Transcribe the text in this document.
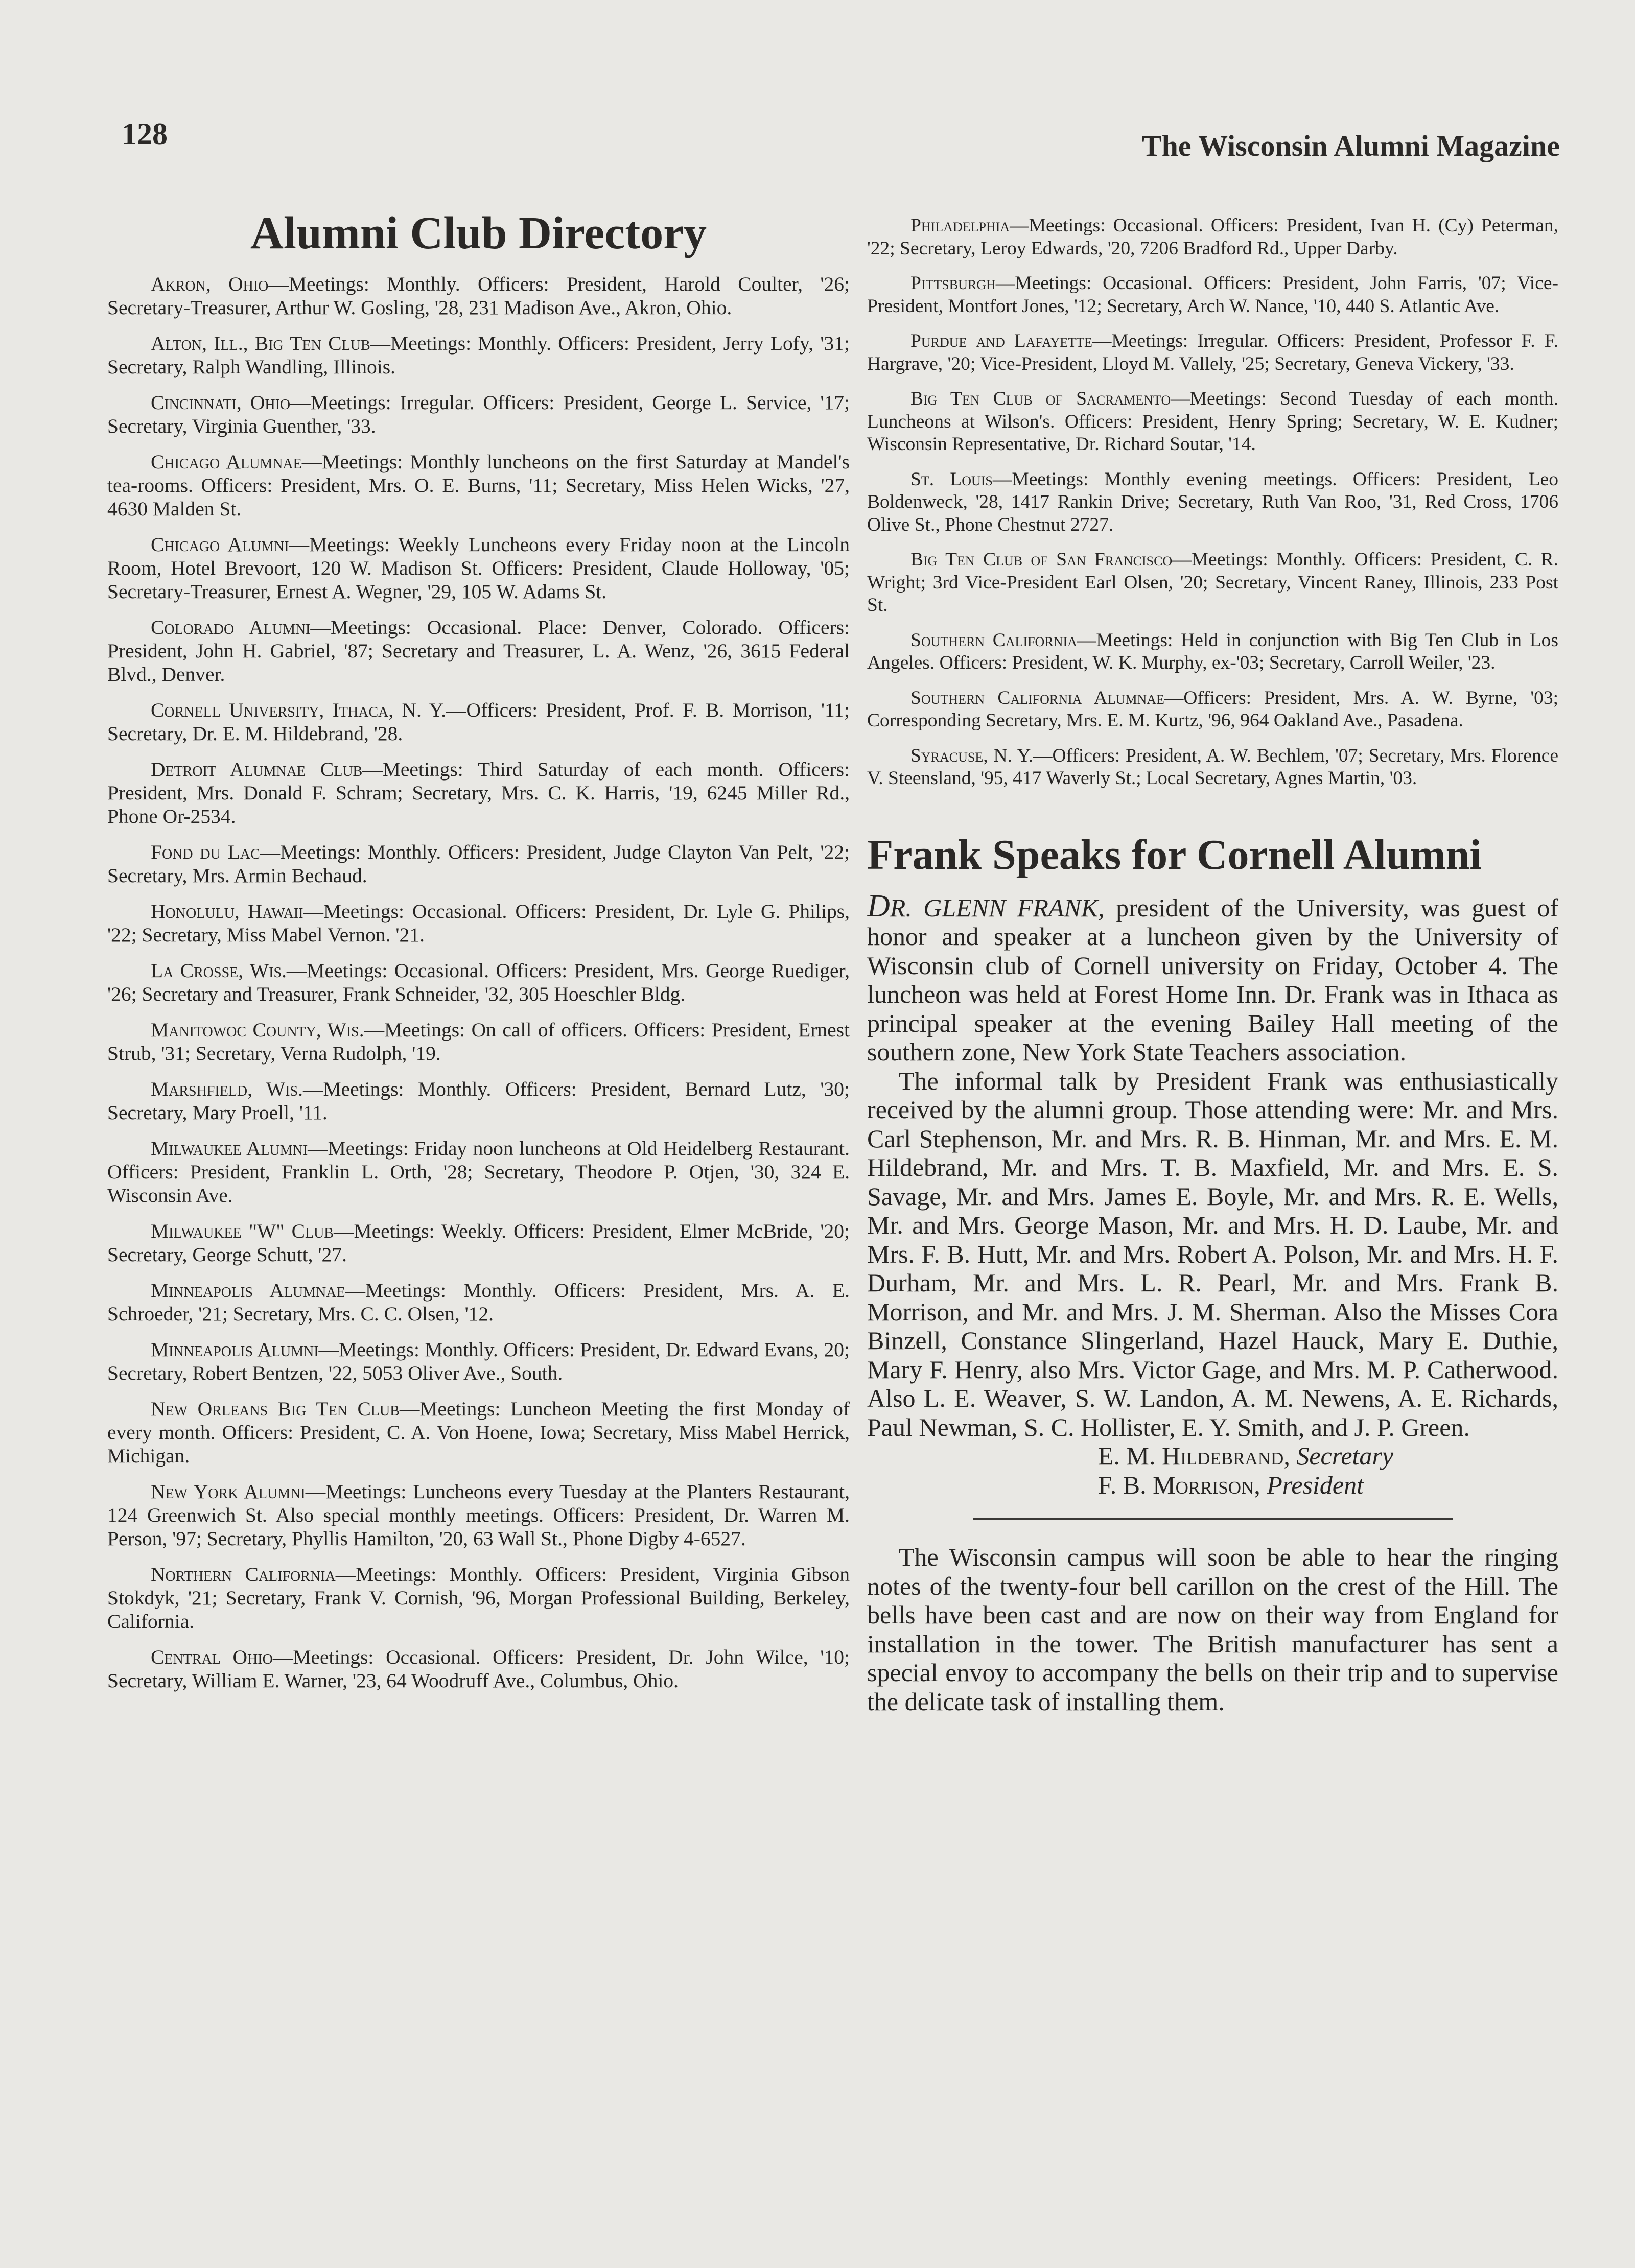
128	The Wisconsin Alumni Magazine
Alumni Club Directory

Akron, Ohio—Meetings: Monthly. Officers: President, Harold Coulter, '26; Secretary-Treasurer, Arthur W. Gosling, '28, 231 Madison Ave., Akron, Ohio.

Alton, Ill., Big Ten Club—Meetings: Monthly. Officers: President, Jerry Lofy, '31; Secretary, Ralph Wandling, Illinois.

Cincinnati, Ohio—Meetings: Irregular. Officers: President, George L. Service, '17; Secretary, Virginia Guenther, '33.

Chicago Alumnae—Meetings: Monthly luncheons on the first Saturday at Mandel's tea-rooms. Officers: President, Mrs. O. E. Burns, '11; Secretary, Miss Helen Wicks, '27, 4630 Malden St.

Chicago Alumni—Meetings: Weekly Luncheons every Friday noon at the Lincoln Room, Hotel Brevoort, 120 W. Madison St. Officers: President, Claude Holloway, '05; Secretary-Treasurer, Ernest A. Wegner, '29, 105 W. Adams St.

Colorado Alumni—Meetings: Occasional. Place: Denver, Colorado. Officers: President, John H. Gabriel, '87; Secretary and Treasurer, L. A. Wenz, '26, 3615 Federal Blvd., Denver.

Cornell University, Ithaca, N. Y.—Officers: President, Prof. F. B. Morrison, '11; Secretary, Dr. E. M. Hildebrand, '28.

Detroit Alumnae Club—Meetings: Third Saturday of each month. Officers: President, Mrs. Donald F. Schram; Secretary, Mrs. C. K. Harris, '19, 6245 Miller Rd., Phone Or-2534.

Fond du Lac—Meetings: Monthly. Officers: President, Judge Clayton Van Pelt, '22; Secretary, Mrs. Armin Bechaud.

Honolulu, Hawaii—Meetings: Occasional. Officers: President, Dr. Lyle G. Philips, '22; Secretary, Miss Mabel Vernon. '21.

La Crosse, Wis.—Meetings: Occasional. Officers: President, Mrs. George Ruediger, '26; Secretary and Treasurer, Frank Schneider, '32, 305 Hoeschler Bldg.

Manitowoc County, Wis.—Meetings: On call of officers. Officers: President, Ernest Strub, '31; Secretary, Verna Rudolph, '19.

Marshfield, Wis.—Meetings: Monthly. Officers: President, Bernard Lutz, '30; Secretary, Mary Proell, '11.

Milwaukee Alumni—Meetings: Friday noon luncheons at Old Heidelberg Restaurant. Officers: President, Franklin L. Orth, '28; Secretary, Theodore P. Otjen, '30, 324 E. Wisconsin Ave.

Milwaukee "W" Club—Meetings: Weekly. Officers: President, Elmer McBride, '20; Secretary, George Schutt, '27.

Minneapolis Alumnae—Meetings: Monthly. Officers: President, Mrs. A. E. Schroeder, '21; Secretary, Mrs. C. C. Olsen, '12.

Minneapolis Alumni—Meetings: Monthly. Officers: President, Dr. Edward Evans, 20; Secretary, Robert Bentzen, '22, 5053 Oliver Ave., South.

New Orleans Big Ten Club—Meetings: Luncheon Meeting the first Monday of every month. Officers: President, C. A. Von Hoene, Iowa; Secretary, Miss Mabel Herrick, Michigan.

New York Alumni—Meetings: Luncheons every Tuesday at the Planters Restaurant, 124 Greenwich St. Also special monthly meetings. Officers: President, Dr. Warren M. Person, '97; Secretary, Phyllis Hamilton, '20, 63 Wall St., Phone Digby 4-6527.

Northern California—Meetings: Monthly. Officers: President, Virginia Gibson Stokdyk, '21; Secretary, Frank V. Cornish, '96, Morgan Professional Building, Berkeley, California.

Central Ohio—Meetings: Occasional. Officers: President, Dr. John Wilce, '10; Secretary, William E. Warner, '23, 64 Woodruff Ave., Columbus, Ohio.

Philadelphia—Meetings: Occasional. Officers: President, Ivan H. (Cy) Peterman, '22; Secretary, Leroy Edwards, '20, 7206 Bradford Rd., Upper Darby.

Pittsburgh—Meetings: Occasional. Officers: President, John Farris, '07; Vice-President, Montfort Jones, '12; Secretary, Arch W. Nance, '10, 440 S. Atlantic Ave.

Purdue and Lafayette—Meetings: Irregular. Officers: President, Professor F. F. Hargrave, '20; Vice-President, Lloyd M. Vallely, '25; Secretary, Geneva Vickery, '33.

Big Ten Club of Sacramento—Meetings: Second Tuesday of each month. Luncheons at Wilson's. Officers: President, Henry Spring; Secretary, W. E. Kudner; Wisconsin Representative, Dr. Richard Soutar, '14.

St. Louis—Meetings: Monthly evening meetings. Officers: President, Leo Boldenweck, '28, 1417 Rankin Drive; Secretary, Ruth Van Roo, '31, Red Cross, 1706 Olive St., Phone Chestnut 2727.

Big Ten Club of San Francisco—Meetings: Monthly. Officers: President, C. R. Wright; 3rd Vice-President Earl Olsen, '20; Secretary, Vincent Raney, Illinois, 233 Post St.

Southern California—Meetings: Held in conjunction with Big Ten Club in Los Angeles. Officers: President, W. K. Murphy, ex-'03; Secretary, Carroll Weiler, '23.

Southern California Alumnae—Officers: President, Mrs. A. W. Byrne, '03; Corresponding Secretary, Mrs. E. M. Kurtz, '96, 964 Oakland Ave., Pasadena.

Syracuse, N. Y.—Officers: President, A. W. Bechlem, '07; Secretary, Mrs. Florence V. Steensland, '95, 417 Waverly St.; Local Secretary, Agnes Martin, '03.

Frank Speaks for Cornell Alumni

DR. GLENN FRANK, president of the University, was guest of honor and speaker at a luncheon given by the University of Wisconsin club of Cornell university on Friday, October 4. The luncheon was held at Forest Home Inn. Dr. Frank was in Ithaca as principal speaker at the evening Bailey Hall meeting of the southern zone, New York State Teachers association.

The informal talk by President Frank was enthusiastically received by the alumni group. Those attending were: Mr. and Mrs. Carl Stephenson, Mr. and Mrs. R. B. Hinman, Mr. and Mrs. E. M. Hildebrand, Mr. and Mrs. T. B. Maxfield, Mr. and Mrs. E. S. Savage, Mr. and Mrs. James E. Boyle, Mr. and Mrs. R. E. Wells, Mr. and Mrs. George Mason, Mr. and Mrs. H. D. Laube, Mr. and Mrs. F. B. Hutt, Mr. and Mrs. Robert A. Polson, Mr. and Mrs. H. F. Durham, Mr. and Mrs. L. R. Pearl, Mr. and Mrs. Frank B. Morrison, and Mr. and Mrs. J. M. Sherman. Also the Misses Cora Binzell, Constance Slingerland, Hazel Hauck, Mary E. Duthie, Mary F. Henry, also Mrs. Victor Gage, and Mrs. M. P. Catherwood. Also L. E. Weaver, S. W. Landon, A. M. Newens, A. E. Richards, Paul Newman, S. C. Hollister, E. Y. Smith, and J. P. Green.

E. M. Hildebrand, Secretary
F. B. Morrison, President

The Wisconsin campus will soon be able to hear the ringing notes of the twenty-four bell carillon on the crest of the Hill. The bells have been cast and are now on their way from England for installation in the tower. The British manufacturer has sent a special envoy to accompany the bells on their trip and to supervise the delicate task of installing them.
